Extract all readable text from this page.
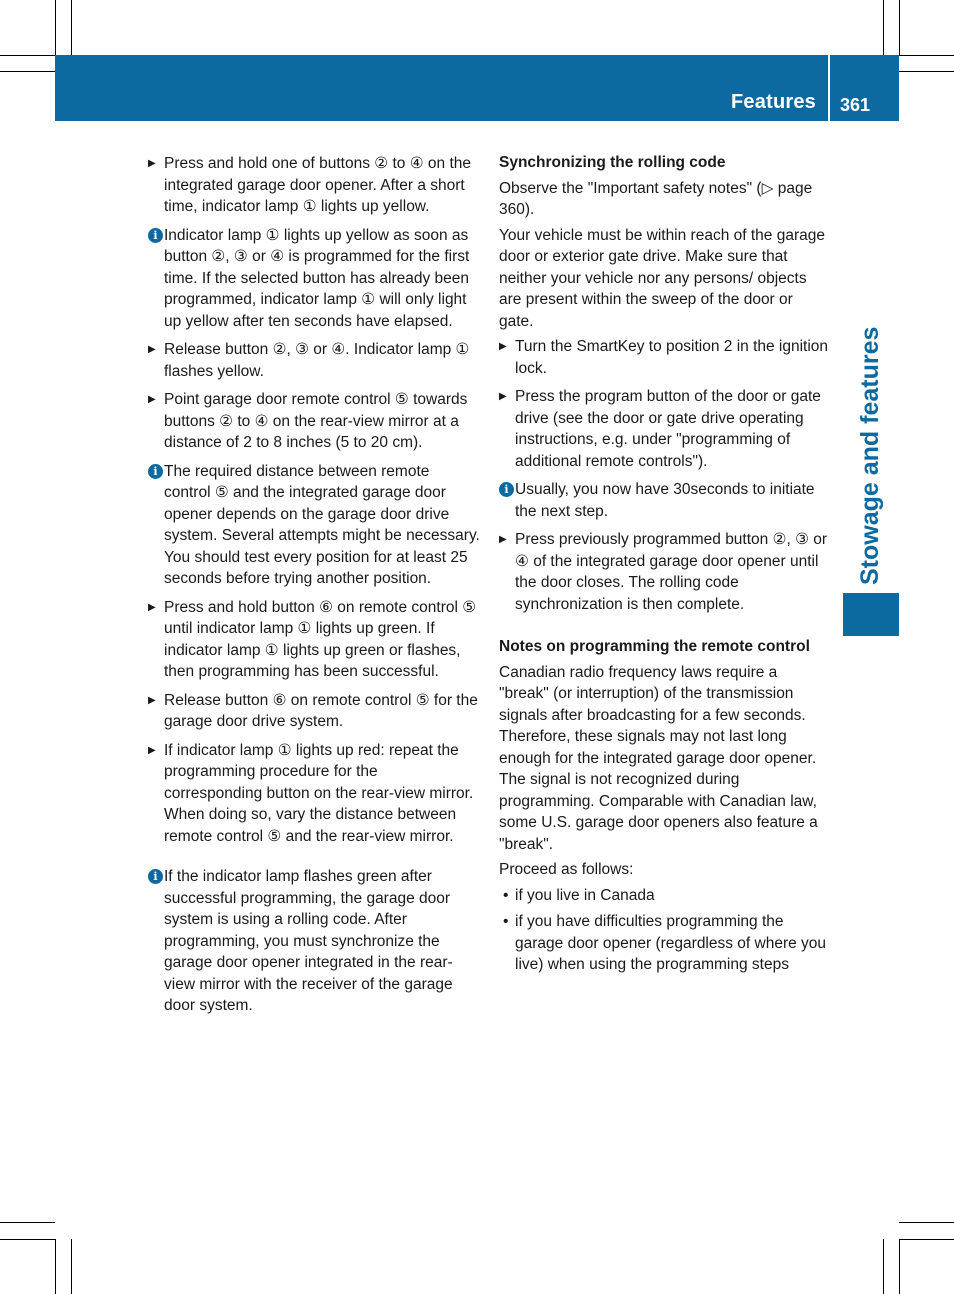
Features 361
Stowage and features
▶ Press and hold one of buttons ② to ④ on the integrated garage door opener. After a short time, indicator lamp ① lights up yellow.
i Indicator lamp ① lights up yellow as soon as button ②, ③ or ④ is programmed for the first time. If the selected button has already been programmed, indicator lamp ① will only light up yellow after ten seconds have elapsed.
▶ Release button ②, ③ or ④. Indicator lamp ① flashes yellow.
▶ Point garage door remote control ⑤ towards buttons ② to ④ on the rear-view mirror at a distance of 2 to 8 inches (5 to 20 cm).
i The required distance between remote control ⑤ and the integrated garage door opener depends on the garage door drive system. Several attempts might be necessary. You should test every position for at least 25 seconds before trying another position.
▶ Press and hold button ⑥ on remote control ⑤ until indicator lamp ① lights up green. If indicator lamp ① lights up green or flashes, then programming has been successful.
▶ Release button ⑥ on remote control ⑤ for the garage door drive system.
▶ If indicator lamp ① lights up red: repeat the programming procedure for the corresponding button on the rear-view mirror. When doing so, vary the distance between remote control ⑤ and the rear-view mirror.
i If the indicator lamp flashes green after successful programming, the garage door system is using a rolling code. After programming, you must synchronize the garage door opener integrated in the rear-view mirror with the receiver of the garage door system.
Synchronizing the rolling code
Observe the "Important safety notes" (▷ page 360).
Your vehicle must be within reach of the garage door or exterior gate drive. Make sure that neither your vehicle nor any persons/ objects are present within the sweep of the door or gate.
▶ Turn the SmartKey to position 2 in the ignition lock.
▶ Press the program button of the door or gate drive (see the door or gate drive operating instructions, e.g. under "programming of additional remote controls").
i Usually, you now have 30seconds to initiate the next step.
▶ Press previously programmed button ②, ③ or ④ of the integrated garage door opener until the door closes. The rolling code synchronization is then complete.
Notes on programming the remote control
Canadian radio frequency laws require a "break" (or interruption) of the transmission signals after broadcasting for a few seconds. Therefore, these signals may not last long enough for the integrated garage door opener. The signal is not recognized during programming. Comparable with Canadian law, some U.S. garage door openers also feature a "break".
Proceed as follows:
• if you live in Canada
• if you have difficulties programming the garage door opener (regardless of where you live) when using the programming steps
